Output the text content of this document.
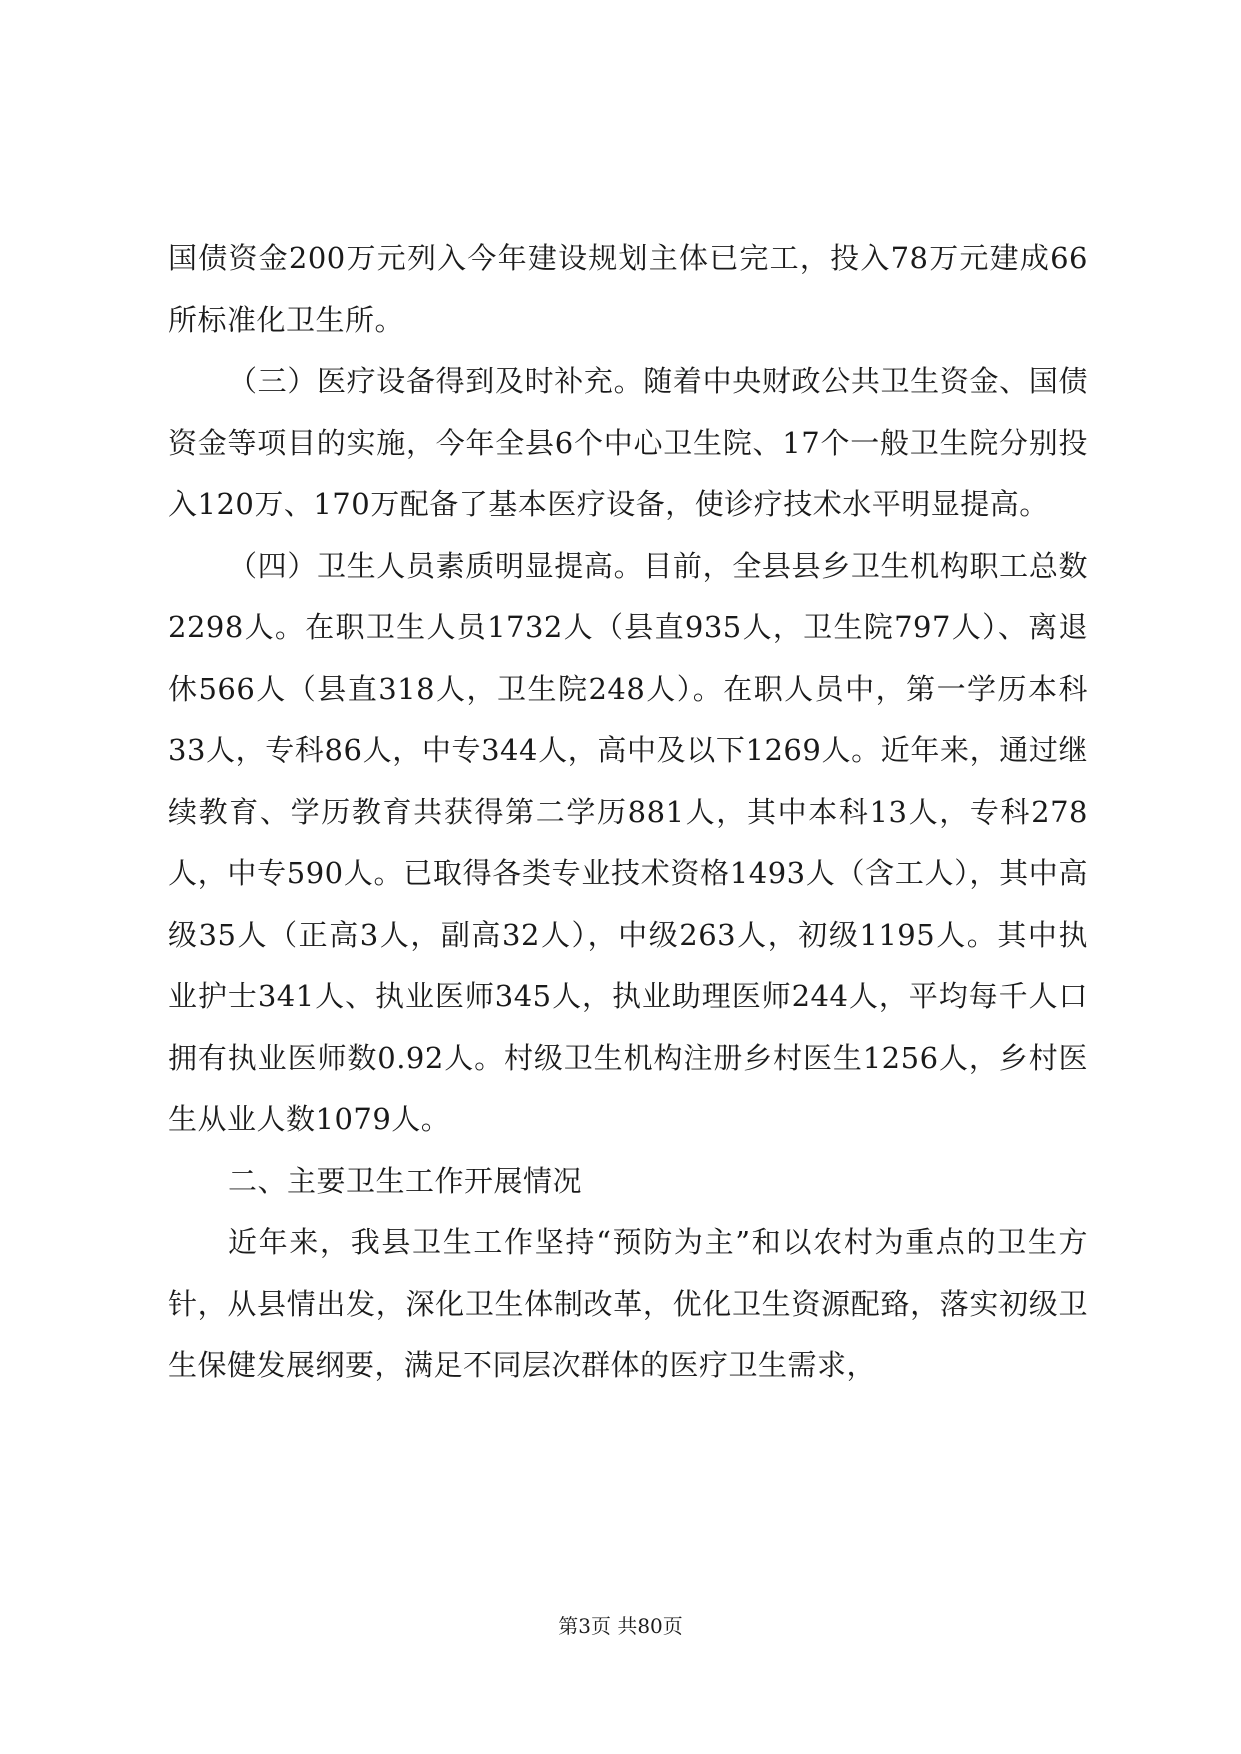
国债资金200万元列入今年建设规划主体已完工，投入78万元建成66所标准化卫生所。

（三）医疗设备得到及时补充。随着中央财政公共卫生资金、国债资金等项目的实施，今年全县6个中心卫生院、17个一般卫生院分别投入120万、170万配备了基本医疗设备，使诊疗技术水平明显提高。

（四）卫生人员素质明显提高。目前，全县县乡卫生机构职工总数2298人。在职卫生人员1732人（县直935人，卫生院797人）、离退休566人（县直318人，卫生院248人）。在职人员中，第一学历本科33人，专科86人，中专344人，高中及以下1269人。近年来，通过继续教育、学历教育共获得第二学历881人，其中本科13人，专科278人，中专590人。已取得各类专业技术资格1493人（含工人），其中高级35人（正高3人，副高32人），中级263人，初级1195人。其中执业护士341人、执业医师345人，执业助理医师244人，平均每千人口拥有执业医师数0.92人。村级卫生机构注册乡村医生1256人，乡村医生从业人数1079人。

二、主要卫生工作开展情况

近年来，我县卫生工作坚持“预防为主”和以农村为重点的卫生方针，从县情出发，深化卫生体制改革，优化卫生资源配臵，落实初级卫生保健发展纲要，满足不同层次群体的医疗卫生需求，

第3页 共80页
